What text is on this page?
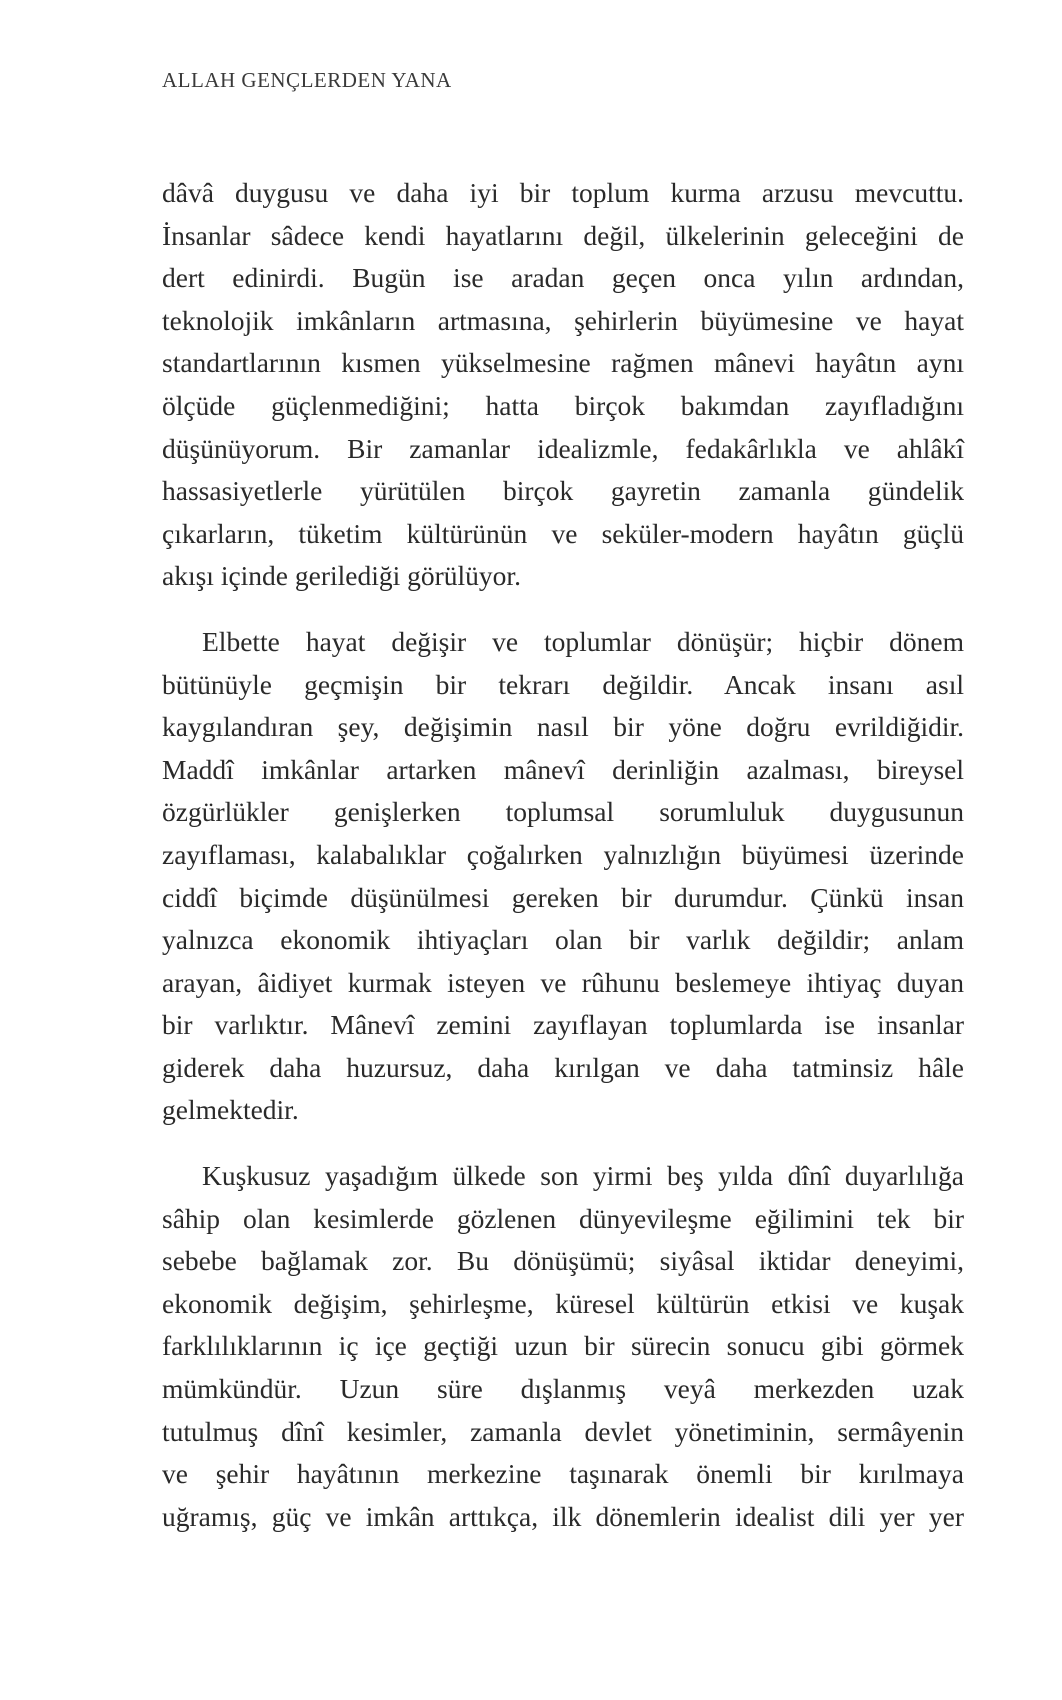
ALLAH GENÇLERDEN YANA

dâvâ duygusu ve daha iyi bir toplum kurma arzusu mevcuttu.
İnsanlar sâdece kendi hayatlarını değil, ülkelerinin geleceğini de
dert edinirdi. Bugün ise aradan geçen onca yılın ardından,
teknolojik imkânların artmasına, şehirlerin büyümesine ve hayat
standartlarının kısmen yükselmesine rağmen mânevi hayâtın aynı
ölçüde güçlenmediğini; hatta birçok bakımdan zayıfladığını
düşünüyorum. Bir zamanlar idealizmle, fedakârlıkla ve ahlâkî
hassasiyetlerle yürütülen birçok gayretin zamanla gündelik
çıkarların, tüketim kültürünün ve seküler-modern hayâtın güçlü
akışı içinde gerilediği görülüyor.

Elbette hayat değişir ve toplumlar dönüşür; hiçbir dönem
bütünüyle geçmişin bir tekrarı değildir. Ancak insanı asıl
kaygılandıran şey, değişimin nasıl bir yöne doğru evrildiğidir.
Maddî imkânlar artarken mânevî derinliğin azalması, bireysel
özgürlükler genişlerken toplumsal sorumluluk duygusunun
zayıflaması, kalabalıklar çoğalırken yalnızlığın büyümesi üzerinde
ciddî biçimde düşünülmesi gereken bir durumdur. Çünkü insan
yalnızca ekonomik ihtiyaçları olan bir varlık değildir; anlam
arayan, âidiyet kurmak isteyen ve rûhunu beslemeye ihtiyaç duyan
bir varlıktır. Mânevî zemini zayıflayan toplumlarda ise insanlar
giderek daha huzursuz, daha kırılgan ve daha tatminsiz hâle
gelmektedir.

Kuşkusuz yaşadığım ülkede son yirmi beş yılda dînî duyarlılığa
sâhip olan kesimlerde gözlenen dünyevileşme eğilimini tek bir
sebebe bağlamak zor. Bu dönüşümü; siyâsal iktidar deneyimi,
ekonomik değişim, şehirleşme, küresel kültürün etkisi ve kuşak
farklılıklarının iç içe geçtiği uzun bir sürecin sonucu gibi görmek
mümkündür. Uzun süre dışlanmış veyâ merkezden uzak
tutulmuş dînî kesimler, zamanla devlet yönetiminin, sermâyenin
ve şehir hayâtının merkezine taşınarak önemli bir kırılmaya
uğramış, güç ve imkân arttıkça, ilk dönemlerin idealist dili yer yer
